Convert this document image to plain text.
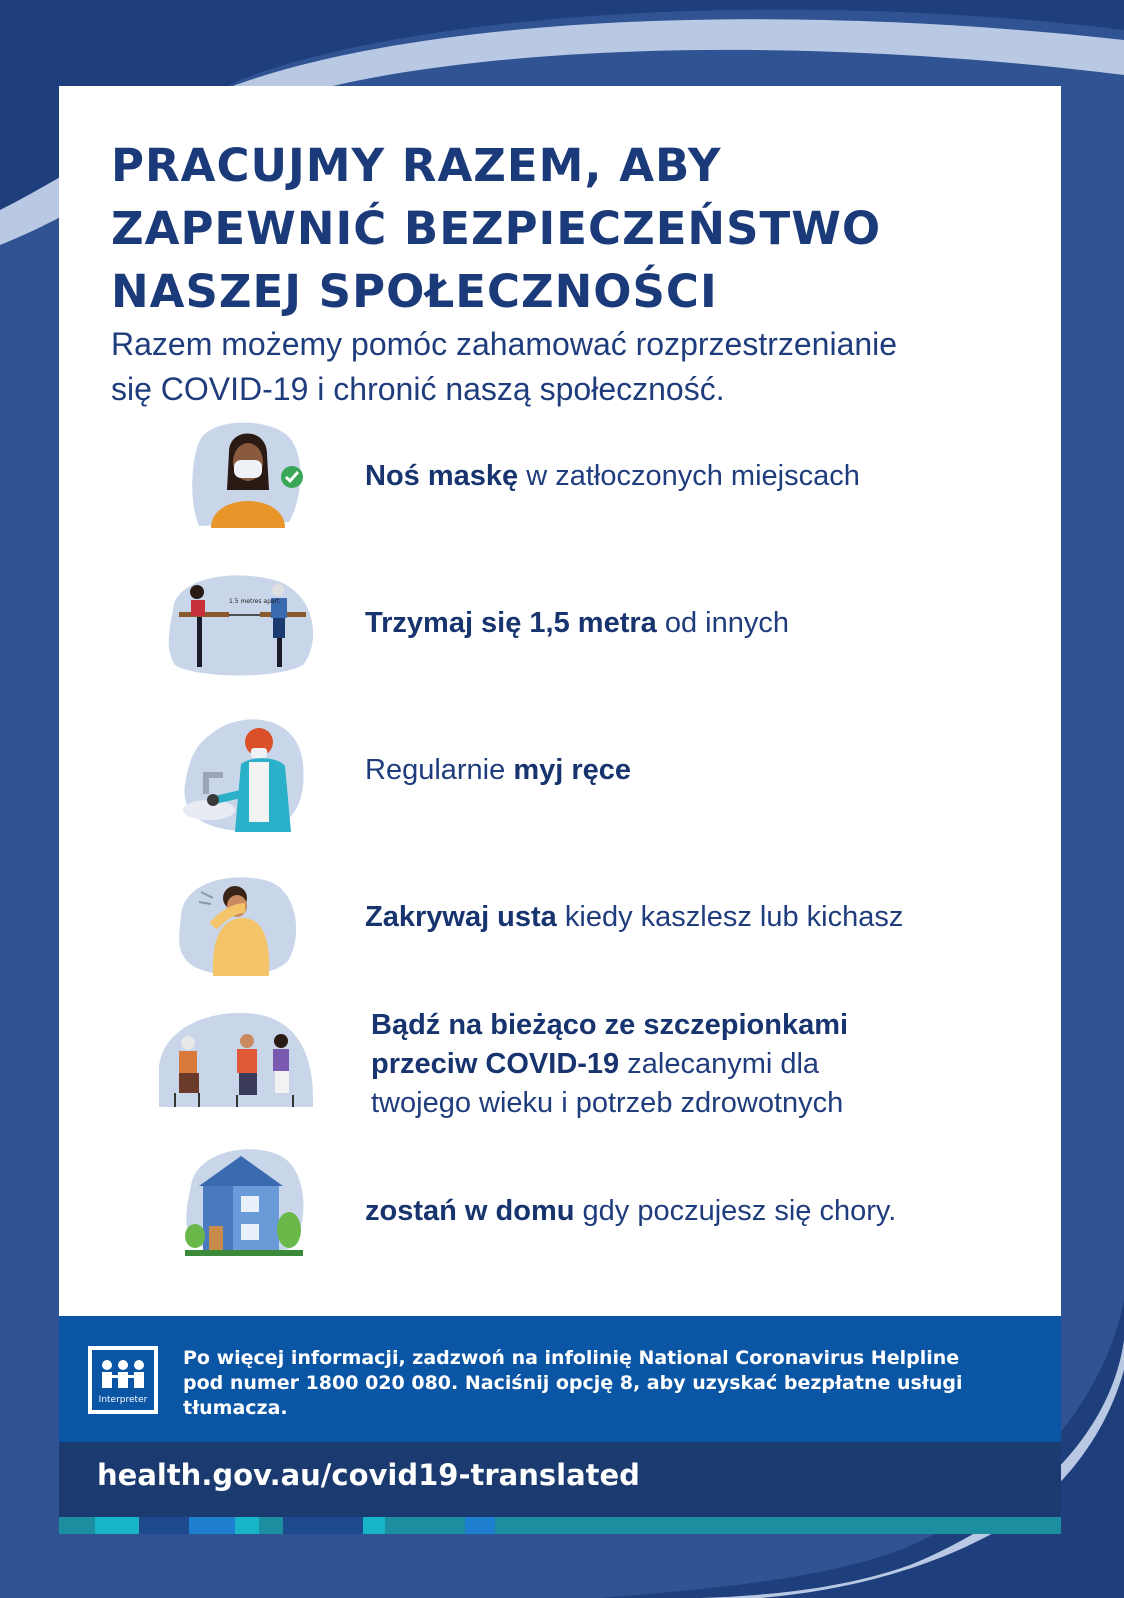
PRACUJMY RAZEM, ABY
ZAPEWNIĆ BEZPIECZEŃSTWO
NASZEJ SPOŁECZNOŚCI
Razem możemy pomóc zahamować rozprzestrzenianie
się COVID-19 i chronić naszą społeczność.
Noś maskę w zatłoczonych miejscach
1.5 metres apart
Trzymaj się 1,5 metra od innych
Regularnie myj ręce
Zakrywaj usta kiedy kaszlesz lub kichasz
Bądź na bieżąco ze szczepionkami
przeciw COVID-19 zalecanymi dla
twojego wieku i potrzeb zdrowotnych
zostań w domu gdy poczujesz się chory.
Interpreter
Po więcej informacji, zadzwoń na infolinię National Coronavirus Helpline
pod numer 1800 020 080. Naciśnij opcję 8, aby uzyskać bezpłatne usługi
tłumacza.
health.gov.au/covid19-translated
